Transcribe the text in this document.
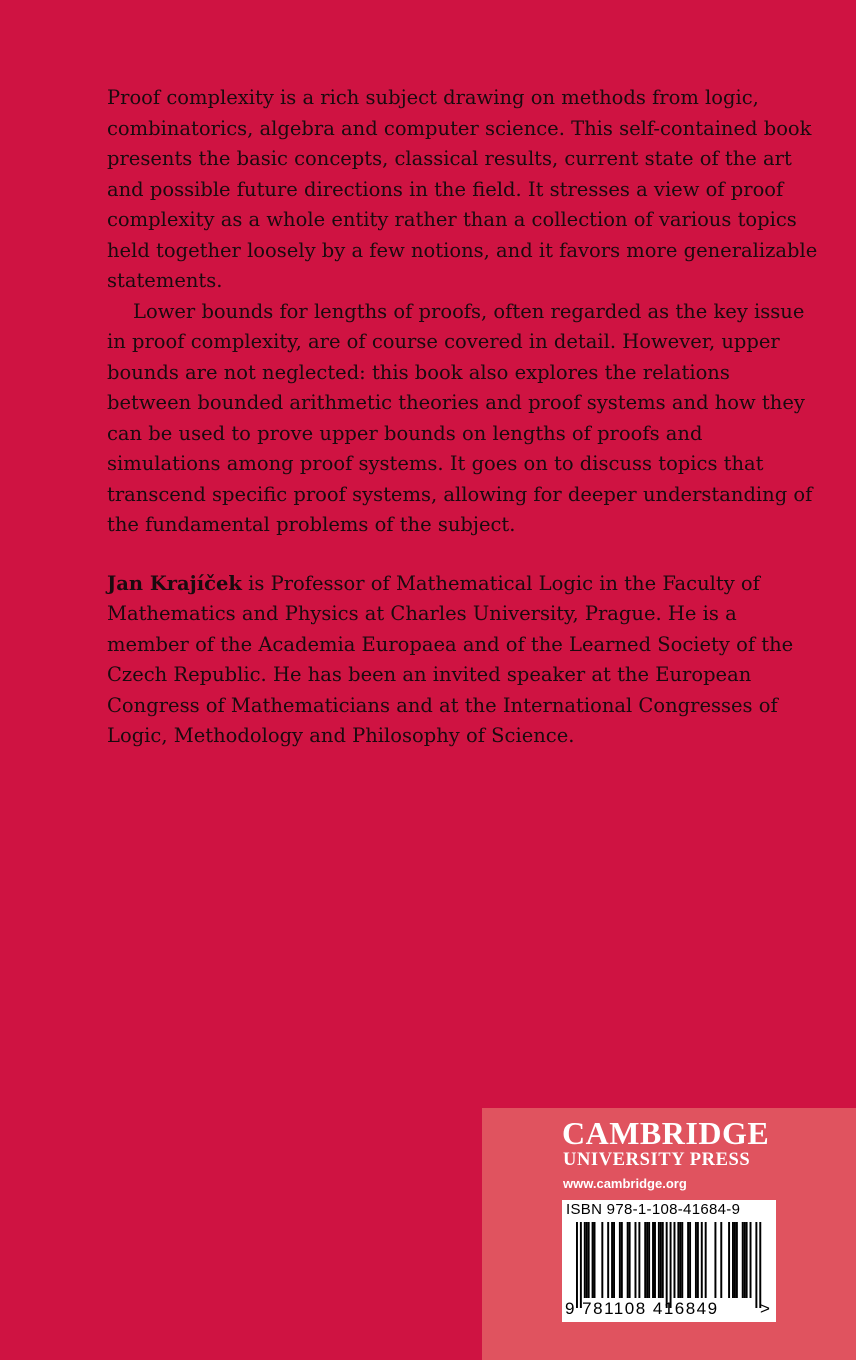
Proof complexity is a rich subject drawing on methods from logic, combinatorics, algebra and computer science. This self-contained book presents the basic concepts, classical results, current state of the art and possible future directions in the field. It stresses a view of proof complexity as a whole entity rather than a collection of various topics held together loosely by a few notions, and it favors more generalizable statements.

Lower bounds for lengths of proofs, often regarded as the key issue in proof complexity, are of course covered in detail. However, upper bounds are not neglected: this book also explores the relations between bounded arithmetic theories and proof systems and how they can be used to prove upper bounds on lengths of proofs and simulations among proof systems. It goes on to discuss topics that transcend specific proof systems, allowing for deeper understanding of the fundamental problems of the subject.

Jan Krajíček is Professor of Mathematical Logic in the Faculty of Mathematics and Physics at Charles University, Prague. He is a member of the Academia Europaea and of the Learned Society of the Czech Republic. He has been an invited speaker at the European Congress of Mathematicians and at the International Congresses of Logic, Methodology and Philosophy of Science.

CAMBRIDGE
UNIVERSITY PRESS
www.cambridge.org
ISBN 978-1-108-41684-9
9 781108 416849 >
